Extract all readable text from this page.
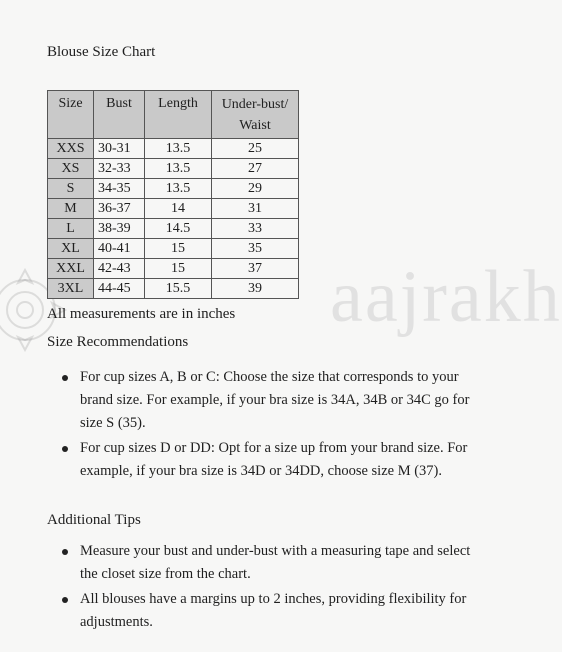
aajrakh
Blouse Size Chart
Size	Bust	Length	Under-bust/
Waist
XXS	30-31	13.5	25
XS	32-33	13.5	27
S	34-35	13.5	29
M	36-37	14	31
L	38-39	14.5	33
XL	40-41	15	35
XXL	42-43	15	37
3XL	44-45	15.5	39
All measurements are in inches
Size Recommendations
For cup sizes A, B or C: Choose the size that corresponds to your brand size. For example, if your bra size is 34A, 34B or 34C go for size S (35).
For cup sizes D or DD: Opt for a size up from your brand size. For example, if your bra size is 34D or 34DD, choose size M (37).
Additional Tips
Measure your bust and under-bust with a measuring tape and select the closet size from the chart.
All blouses have a margins up to 2 inches, providing flexibility for adjustments.
